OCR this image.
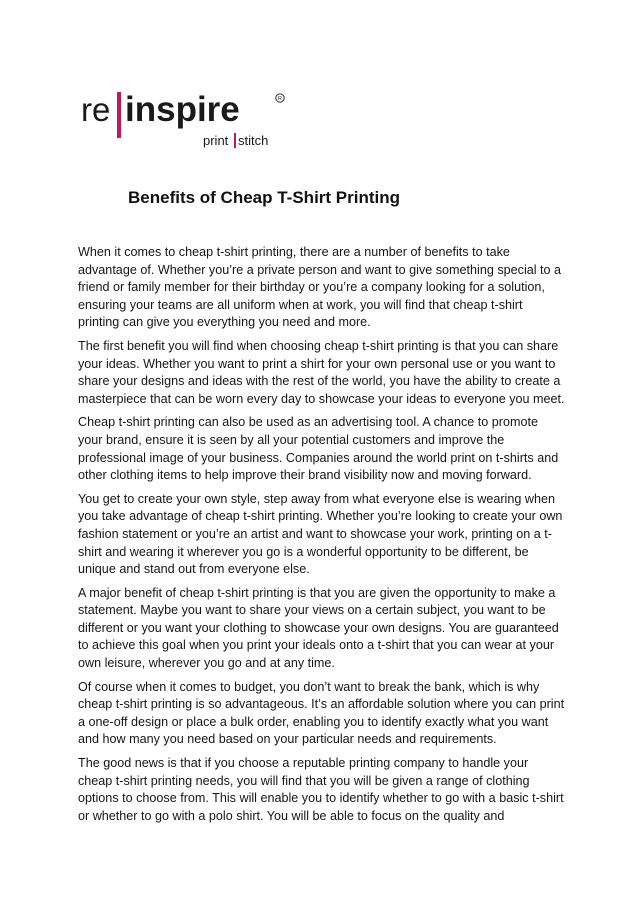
re inspire	R
print stitch
Benefits of Cheap T-Shirt Printing

When it comes to cheap t-shirt printing, there are a number of benefits to take advantage of. Whether you’re a private person and want to give something special to a friend or family member for their birthday or you’re a company looking for a solution, ensuring your teams are all uniform when at work, you will find that cheap t-shirt printing can give you everything you need and more.

The first benefit you will find when choosing cheap t-shirt printing is that you can share your ideas. Whether you want to print a shirt for your own personal use or you want to share your designs and ideas with the rest of the world, you have the ability to create a masterpiece that can be worn every day to showcase your ideas to everyone you meet.

Cheap t-shirt printing can also be used as an advertising tool. A chance to promote your brand, ensure it is seen by all your potential customers and improve the professional image of your business. Companies around the world print on t-shirts and other clothing items to help improve their brand visibility now and moving forward.

You get to create your own style, step away from what everyone else is wearing when you take advantage of cheap t-shirt printing. Whether you’re looking to create your own fashion statement or you’re an artist and want to showcase your work, printing on a t-shirt and wearing it wherever you go is a wonderful opportunity to be different, be unique and stand out from everyone else.

A major benefit of cheap t-shirt printing is that you are given the opportunity to make a statement. Maybe you want to share your views on a certain subject, you want to be different or you want your clothing to showcase your own designs. You are guaranteed to achieve this goal when you print your ideals onto a t-shirt that you can wear at your own leisure, wherever you go and at any time.

Of course when it comes to budget, you don’t want to break the bank, which is why cheap t-shirt printing is so advantageous. It’s an affordable solution where you can print a one-off design or place a bulk order, enabling you to identify exactly what you want and how many you need based on your particular needs and requirements.

The good news is that if you choose a reputable printing company to handle your cheap t-shirt printing needs, you will find that you will be given a range of clothing options to choose from. This will enable you to identify whether to go with a basic t-shirt or whether to go with a polo shirt. You will be able to focus on the quality and
